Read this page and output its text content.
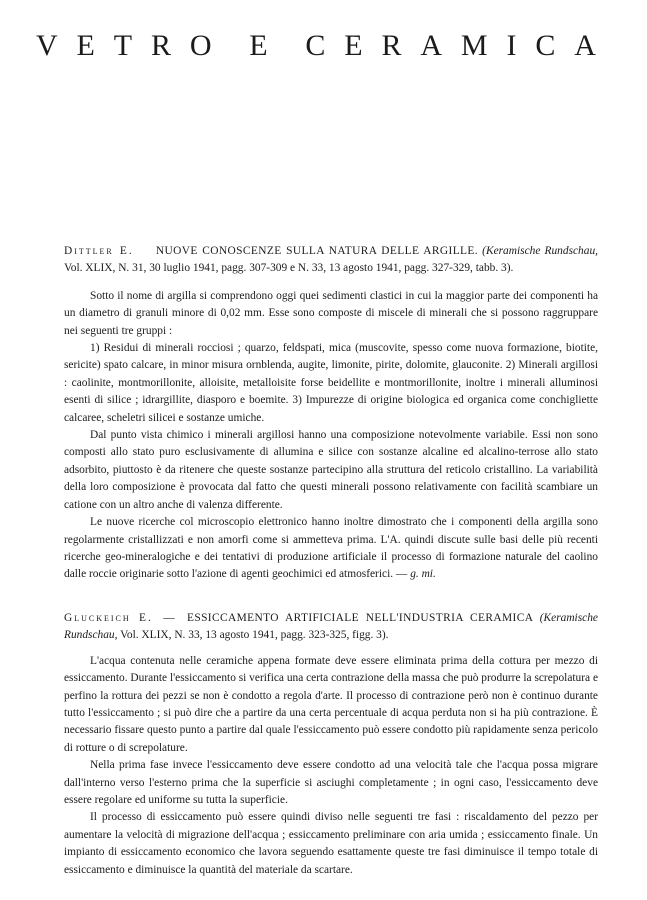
V E T R O E C E R A M I C A

Dittler E. NUOVE CONOSCENZE SULLA NATURA DELLE ARGILLE. (Keramische Rundschau, Vol. XLIX, N. 31, 30 luglio 1941, pagg. 307-309 e N. 33, 13 agosto 1941, pagg. 327-329, tabb. 3).

Sotto il nome di argilla si comprendono oggi quei sedimenti clastici in cui la maggior parte dei componenti ha un diametro di granuli minore di 0,02 mm. Esse sono composte di miscele di minerali che si possono raggruppare nei seguenti tre gruppi :

1) Residui di minerali rocciosi ; quarzo, feldspati, mica (muscovite, spesso come nuova formazione, biotite, sericite) spato calcare, in minor misura ornblenda, augite, limonite, pirite, dolomite, glauconite. 2) Minerali argillosi : caolinite, montmorillonite, alloisite, metalloisite forse beidellite e montmorillonite, inoltre i minerali alluminosi esenti di silice ; idrargillite, diasporo e boemite. 3) Impurezze di origine biologica ed organica come conchigliette calcaree, scheletri silicei e sostanze umiche.

Dal punto vista chimico i minerali argillosi hanno una composizione notevolmente variabile. Essi non sono composti allo stato puro esclusivamente di allumina e silice con sostanze alcaline ed alcalino-terrose allo stato adsorbito, piuttosto è da ritenere che queste sostanze partecipino alla struttura del reticolo cristallino. La variabilità della loro composizione è provocata dal fatto che questi minerali possono relativamente con facilità scambiare un catione con un altro anche di valenza differente.

Le nuove ricerche col microscopio elettronico hanno inoltre dimostrato che i componenti della argilla sono regolarmente cristallizzati e non amorfi come si ammetteva prima. L'A. quindi discute sulle basi delle più recenti ricerche geo-mineralogiche e dei tentativi di produzione artificiale il processo di formazione naturale del caolino dalle roccie originarie sotto l'azione di agenti geochimici ed atmosferici. — g. mi.

Gluckeich E. — ESSICCAMENTO ARTIFICIALE NELL'INDUSTRIA CERAMICA (Keramische Rundschau, Vol. XLIX, N. 33, 13 agosto 1941, pagg. 323-325, figg. 3).

L'acqua contenuta nelle ceramiche appena formate deve essere eliminata prima della cottura per mezzo di essiccamento. Durante l'essiccamento si verifica una certa contrazione della massa che può produrre la screpolatura e perfino la rottura dei pezzi se non è condotto a regola d'arte. Il processo di contrazione però non è continuo durante tutto l'essiccamento ; si può dire che a partire da una certa percentuale di acqua perduta non si ha più contrazione. È necessario fissare questo punto a partire dal quale l'essiccamento può essere condotto più rapidamente senza pericolo di rotture o di screpolature.

Nella prima fase invece l'essiccamento deve essere condotto ad una velocità tale che l'acqua possa migrare dall'interno verso l'esterno prima che la superficie si asciughi completamente ; in ogni caso, l'essiccamento deve essere regolare ed uniforme su tutta la superficie.

Il processo di essiccamento può essere quindi diviso nelle seguenti tre fasi : riscaldamento del pezzo per aumentare la velocità di migrazione dell'acqua ; essiccamento preliminare con aria umida ; essiccamento finale. Un impianto di essiccamento economico che lavora seguendo esattamente queste tre fasi diminuisce il tempo totale di essiccamento e diminuisce la quantità del materiale da scartare.
